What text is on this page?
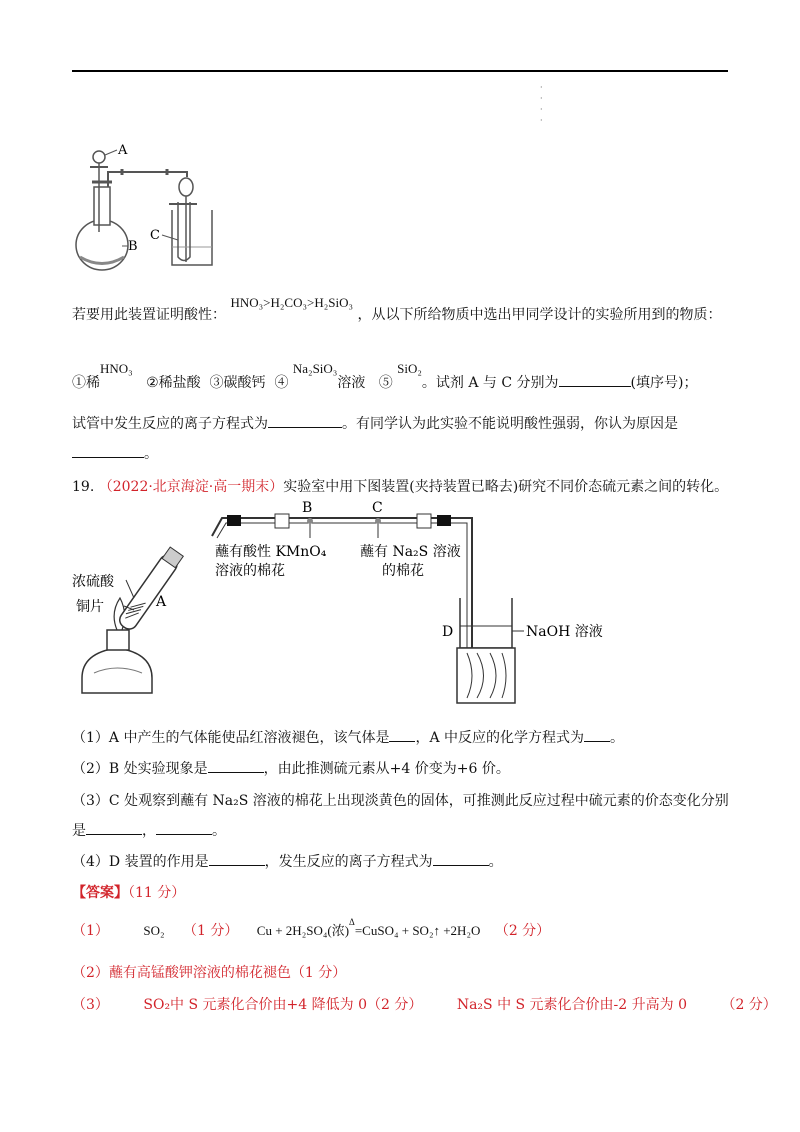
·
·
·
·
A
B
C
若要用此装置证明酸性： HNO₃>H₂CO₃>H₂SiO₃ ，从以下所给物质中选出甲同学设计的实验所用到的物质：
①稀HNO₃   ②稀盐酸 ③碳酸钙 ④ Na₂SiO₃溶液 ⑤ SiO₂。试剂 A 与 C 分别为	(填序号)；
试管中发生反应的离子方程式为	。有同学认为此实验不能说明酸性强弱，你认为原因是
。
19. （2022·北京海淀·高一期末）实验室中用下图装置(夹持装置已略去)研究不同价态硫元素之间的转化。
浓硫酸
铜片	A
B	C
蘸有酸性 KMnO₄
溶液的棉花
蘸有 Na₂S 溶液
的棉花
D	NaOH 溶液
（1）A 中产生的气体能使品红溶液褪色，该气体是 ，A 中反应的化学方程式为 。
（2）B 处实验现象是	，由此推测硫元素从+4 价变为+6 价。
（3）C 处观察到蘸有 Na₂S 溶液的棉花上出现淡黄色的固体，可推测此反应过程中硫元素的价态变化分别
是	，	。
（4）D 装置的作用是	，发生反应的离子方程式为	。
【答案】（11 分）
（1）	SO₂ （1 分） Cu + 2H₂SO₄(浓)$^\Delta$=CuSO₄ + SO₂↑ +2H₂O （2 分）
（2）蘸有高锰酸钾溶液的棉花褪色（1 分）
（3） SO₂中 S 元素化合价由+4 降低为 0（2 分） Na₂S 中 S 元素化合价由-2 升高为 0 （2 分）
